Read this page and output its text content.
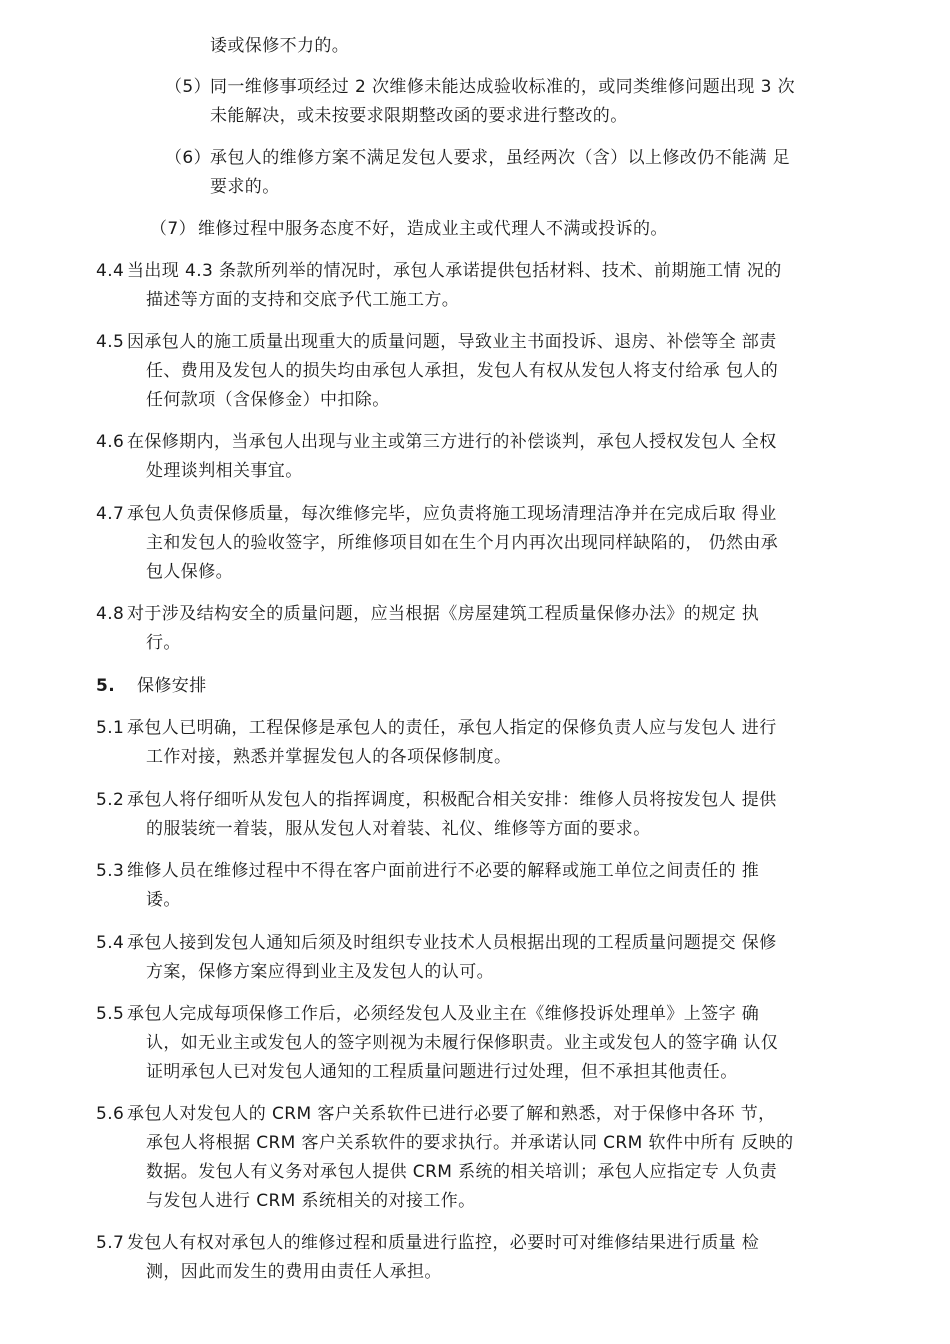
诿或保修不力的。
（5）
同一维修事项经过 2 次维修未能达成验收标准的，或同类维修问题出现 3 次
未能解决，或未按要求限期整改函的要求进行整改的。
（6）
承包人的维修方案不满足发包人要求，虽经两次（含）以上修改仍不能满 足
要求的。
（7） 维修过程中服务态度不好，造成业主或代理人不满或投诉的。
4.4 当出现 4.3 条款所列举的情况时，承包人承诺提供包括材料、技术、前期施工情 况的
描述等方面的支持和交底予代工施工方。
4.5 因承包人的施工质量出现重大的质量问题，导致业主书面投诉、退房、补偿等全 部责
任、费用及发包人的损失均由承包人承担，发包人有权从发包人将支付给承 包人的
任何款项（含保修金）中扣除。
4.6 在保修期内，当承包人出现与业主或第三方进行的补偿谈判，承包人授权发包人 全权
处理谈判相关事宜。
4.7 承包人负责保修质量，每次维修完毕，应负责将施工现场清理洁净并在完成后取 得业
主和发包人的验收签字，所维修项目如在生个月内再次出现同样缺陷的， 仍然由承
包人保修。
4.8 对于涉及结构安全的质量问题，应当根据《房屋建筑工程质量保修办法》的规定 执
行。
5. 保修安排
5.1 承包人已明确，工程保修是承包人的责任，承包人指定的保修负责人应与发包人 进行
工作对接，熟悉并掌握发包人的各项保修制度。
5.2 承包人将仔细听从发包人的指挥调度，积极配合相关安排：维修人员将按发包人 提供
的服装统一着装，服从发包人对着装、礼仪、维修等方面的要求。
5.3 维修人员在维修过程中不得在客户面前进行不必要的解释或施工单位之间责任的 推
诿。
5.4 承包人接到发包人通知后须及时组织专业技术人员根据出现的工程质量问题提交 保修
方案，保修方案应得到业主及发包人的认可。
5.5 承包人完成每项保修工作后，必须经发包人及业主在《维修投诉处理单》上签字 确
认，如无业主或发包人的签字则视为未履行保修职责。业主或发包人的签字确 认仅
证明承包人已对发包人通知的工程质量问题进行过处理，但不承担其他责任。
5.6 承包人对发包人的 CRM 客户关系软件已进行必要了解和熟悉，对于保修中各环 节，
承包人将根据 CRM 客户关系软件的要求执行。并承诺认同 CRM 软件中所有 反映的
数据。发包人有义务对承包人提供 CRM 系统的相关培训；承包人应指定专 人负责
与发包人进行 CRM 系统相关的对接工作。
5.7 发包人有权对承包人的维修过程和质量进行监控，必要时可对维修结果进行质量 检
测，因此而发生的费用由责任人承担。
